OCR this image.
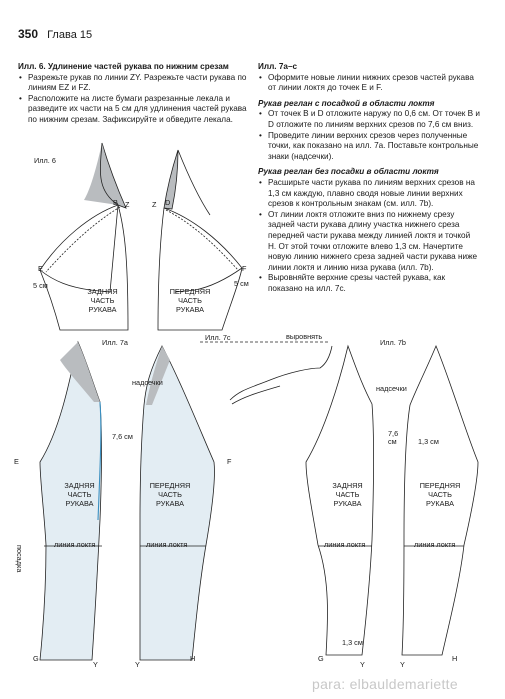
350 Глава 15
Илл. 6. Удлинение частей рукава по нижним срезам
• Разрежьте рукав по линии ZY. Разрежьте части рукава по линиям EZ и FZ.
• Расположите на листе бумаги разрезанные лекала и разведите их части на 5 см для удлинения частей рукава по нижним срезам. Зафиксируйте и обведите лекала.
Илл. 7а–с
• Оформите новые линии нижних срезов частей рукава от линии локтя до точек E и F.
Рукав реглан с посадкой в области локтя
• От точек B и D отложите наружу по 0,6 см. От точек B и D отложите по линиям верхних срезов по 7,6 см вниз.
• Проведите линии верхних срезов через полученные точки, как показано на илл. 7а. Поставьте контрольные знаки (надсечки).
Рукав реглан без посадки в области локтя
• Расширьте части рукава по линиям верхних срезов на 1,3 см каждую, плавно сводя новые линии верхних срезов к контрольным знакам (см. илл. 7b).
• От линии локтя отложите вниз по нижнему срезу задней части рукава длину участка нижнего среза передней части рукава между линией локтя и точкой H. От этой точки отложите влево 1,3 см. Начертите новую линию нижнего среза задней части рукава ниже линии локтя и линию низа рукава (илл. 7b).
• Выровняйте верхние срезы частей рукава, как показано на илл. 7с.
Илл. 6
B Z	Z D
E	F
5 см	5 см
ЗАДНЯЯ
ЧАСТЬ
РУКАВА
ПЕРЕДНЯЯ
ЧАСТЬ
РУКАВА
Илл. 7а
надсечки
7,6 см
E	F
ЗАДНЯЯ
ЧАСТЬ
РУКАВА
ПЕРЕДНЯЯ
ЧАСТЬ
РУКАВА
линия локтя	линия локтя
посадка
G
Y	Y
H
Илл. 7с	выровнять
Илл. 7b
надсечки
7,6
см	1,3 см
ЗАДНЯЯ
ЧАСТЬ
РУКАВА
ПЕРЕДНЯЯ
ЧАСТЬ
РУКАВА
линия локтя	линия локтя
1,3 см
G
Y	Y
H
para: elbauldemariette
